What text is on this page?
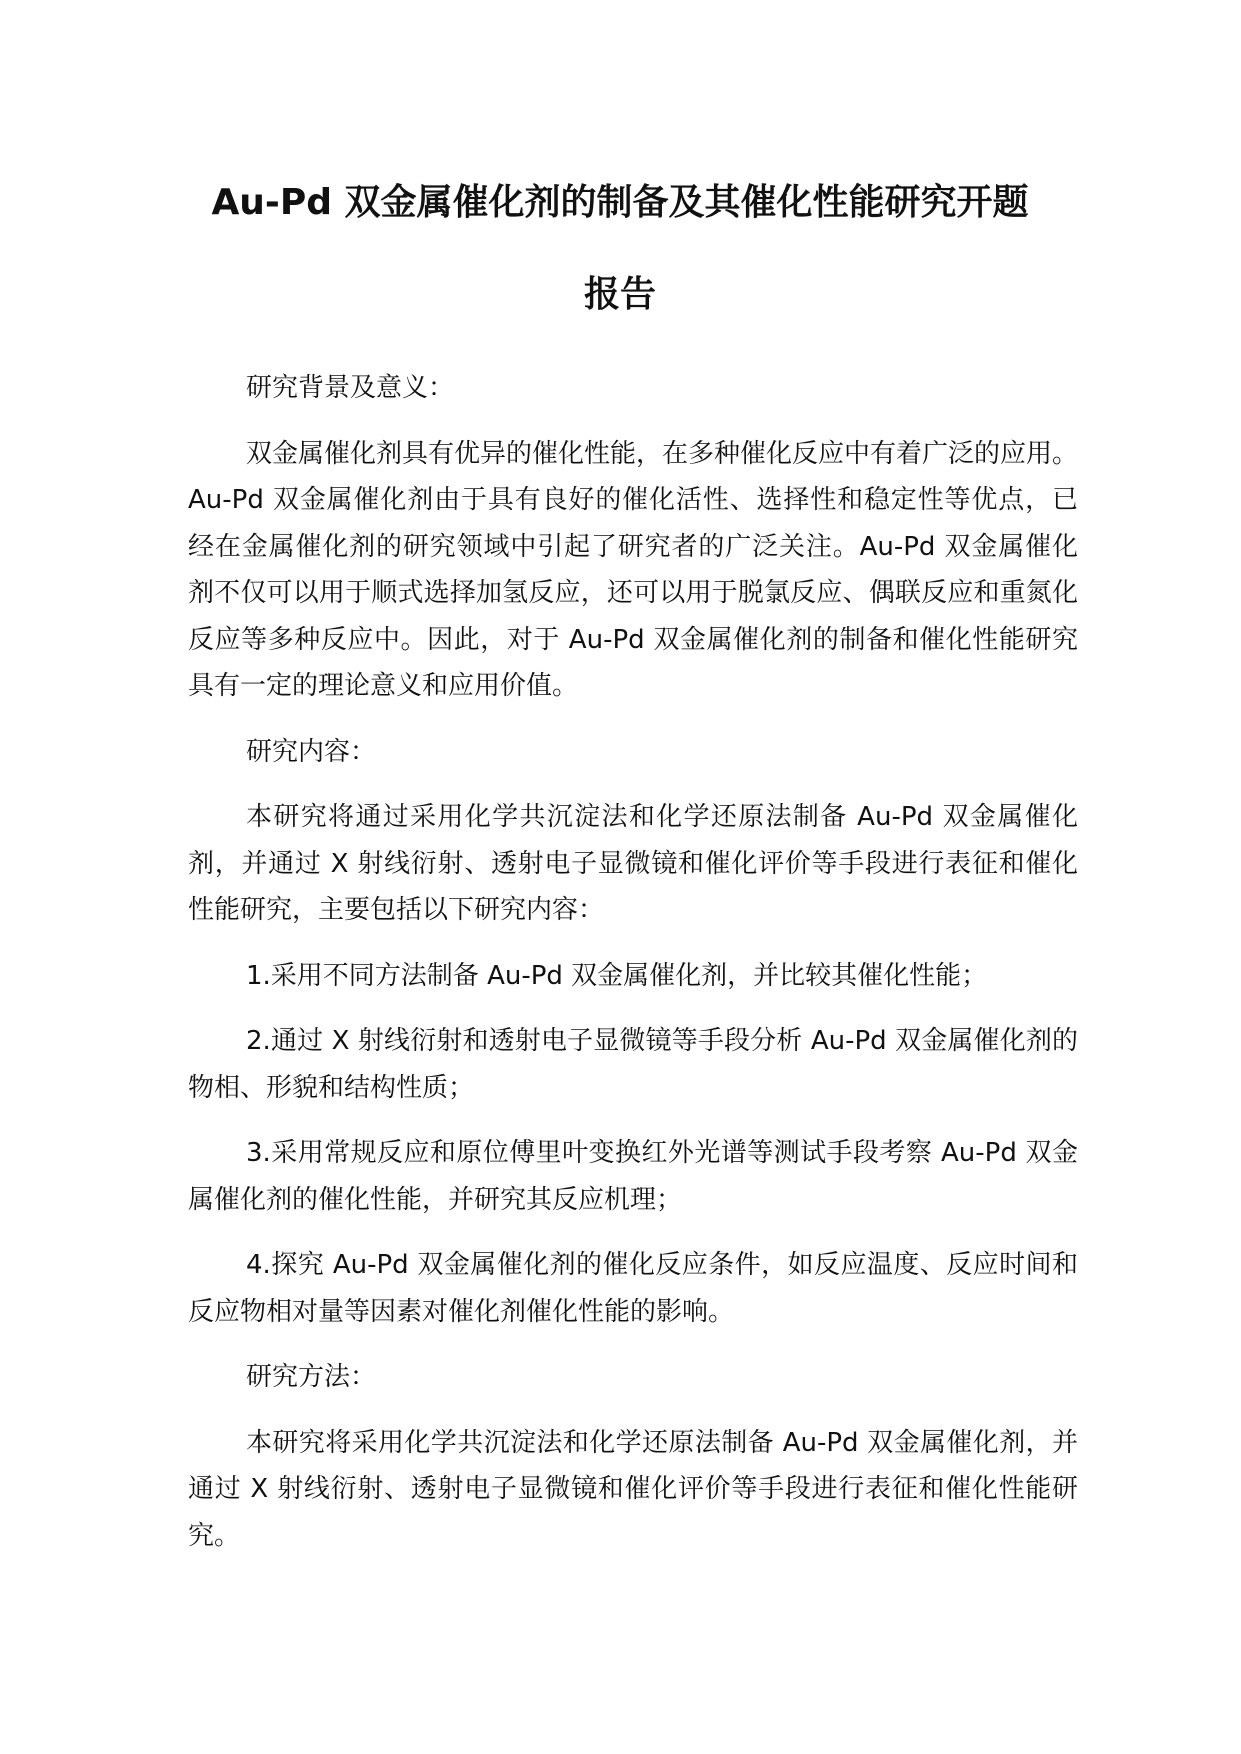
Au-Pd 双金属催化剂的制备及其催化性能研究开题
报告

研究背景及意义：

双金属催化剂具有优异的催化性能，在多种催化反应中有着广泛的应用。Au-Pd 双金属催化剂由于具有良好的催化活性、选择性和稳定性等优点，已经在金属催化剂的研究领域中引起了研究者的广泛关注。Au-Pd 双金属催化剂不仅可以用于顺式选择加氢反应，还可以用于脱氯反应、偶联反应和重氮化反应等多种反应中。因此，对于 Au-Pd 双金属催化剂的制备和催化性能研究具有一定的理论意义和应用价值。

研究内容：

本研究将通过采用化学共沉淀法和化学还原法制备 Au-Pd 双金属催化剂，并通过 X 射线衍射、透射电子显微镜和催化评价等手段进行表征和催化性能研究，主要包括以下研究内容：

1.采用不同方法制备 Au-Pd 双金属催化剂，并比较其催化性能；

2.通过 X 射线衍射和透射电子显微镜等手段分析 Au-Pd 双金属催化剂的物相、形貌和结构性质；

3.采用常规反应和原位傅里叶变换红外光谱等测试手段考察 Au-Pd 双金属催化剂的催化性能，并研究其反应机理；

4.探究 Au-Pd 双金属催化剂的催化反应条件，如反应温度、反应时间和反应物相对量等因素对催化剂催化性能的影响。

研究方法：

本研究将采用化学共沉淀法和化学还原法制备 Au-Pd 双金属催化剂，并通过 X 射线衍射、透射电子显微镜和催化评价等手段进行表征和催化性能研究。
